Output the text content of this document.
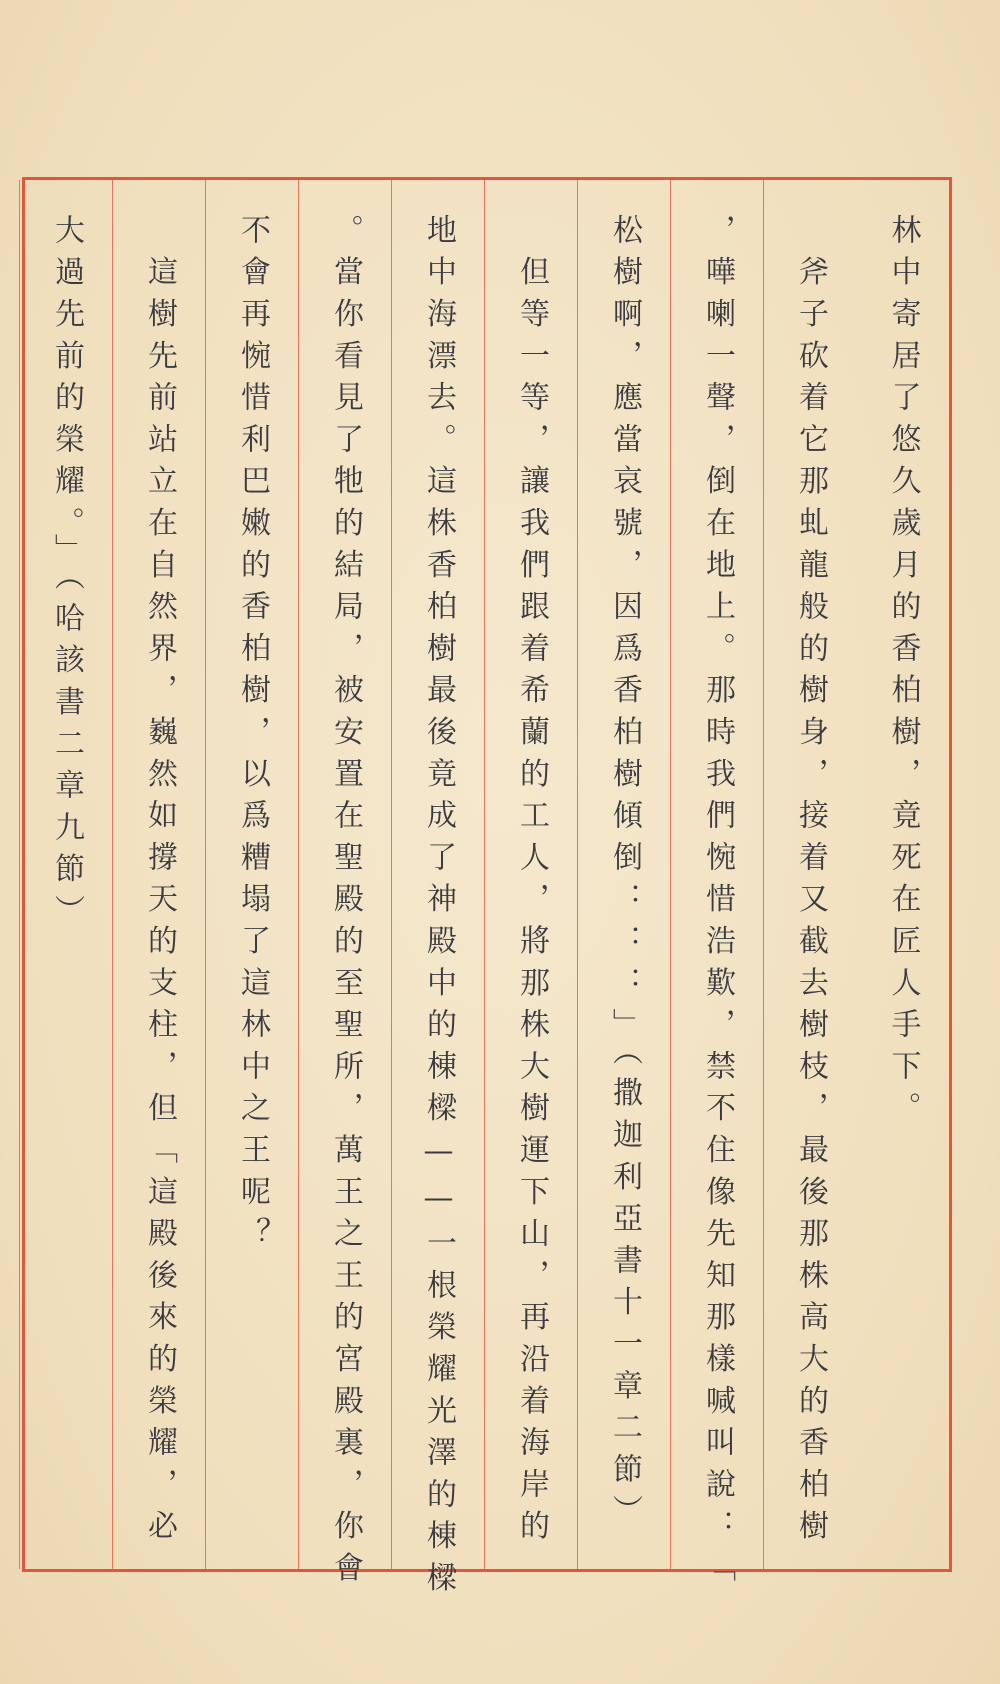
林中寄居了悠久歲月的香柏樹，竟死在匠人手下。

　斧子砍着它那虬龍般的樹身，接着又截去樹枝，最後那株高大的香柏樹

，嘩喇一聲，倒在地上。那時我們惋惜浩歎，禁不住像先知那樣喊叫說：「

松樹啊，應當哀號，因爲香柏樹傾倒：：：」（撒迦利亞書十一章二節）

　但等一等，讓我們跟着希蘭的工人，將那株大樹運下山，再沿着海岸的

地中海漂去。這株香柏樹最後竟成了神殿中的棟樑——一根榮耀光澤的棟樑

。當你看見了牠的結局，被安置在聖殿的至聖所，萬王之王的宮殿裏，你會

不會再惋惜利巴嫩的香柏樹，以爲糟塌了這林中之王呢？

　這樹先前站立在自然界，巍然如撐天的支柱，但「這殿後來的榮耀，必

大過先前的榮耀。」（哈該書二章九節）
